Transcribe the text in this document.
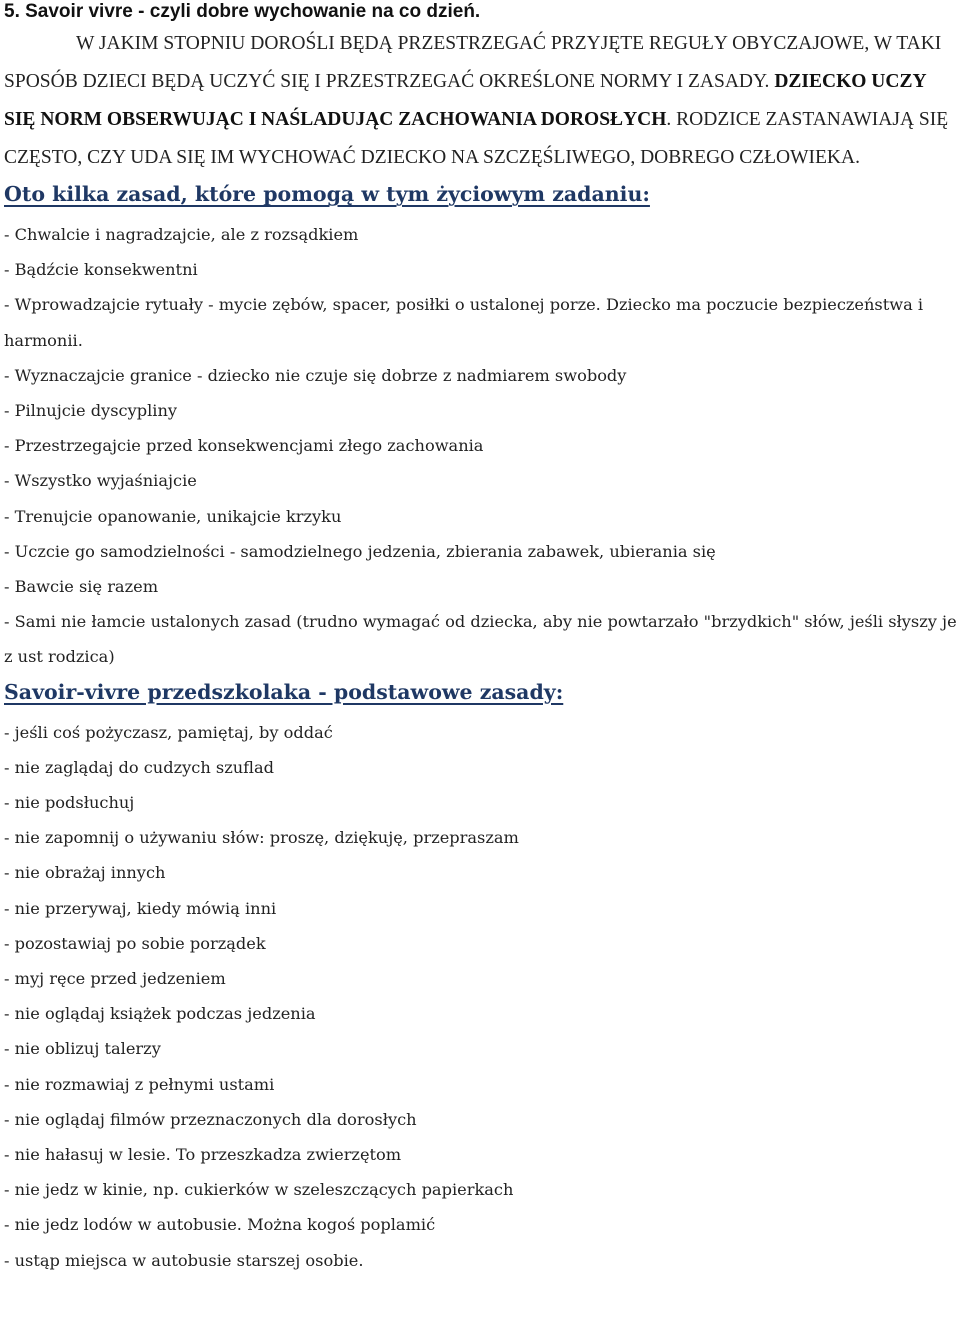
5. Savoir vivre - czyli dobre wychowanie na co dzień.

W JAKIM STOPNIU DOROŚLI BĘDĄ PRZESTRZEGAĆ PRZYJĘTE REGUŁY OBYCZAJOWE, W TAKI SPOSÓB DZIECI BĘDĄ UCZYĆ SIĘ I PRZESTRZEGAĆ OKREŚLONE NORMY I ZASADY. DZIECKO UCZY SIĘ NORM OBSERWUJĄC I NAŚLADUJĄC ZACHOWANIA DOROSŁYCH. RODZICE ZASTANAWIAJĄ SIĘ CZĘSTO, CZY UDA SIĘ IM WYCHOWAĆ DZIECKO NA SZCZĘŚLIWEGO, DOBREGO CZŁOWIEKA.

Oto kilka zasad, które pomogą w tym życiowym zadaniu:
- Chwalcie i nagradzajcie, ale z rozsądkiem
- Bądźcie konsekwentni
- Wprowadzajcie rytuały - mycie zębów, spacer, posiłki o ustalonej porze. Dziecko ma poczucie bezpieczeństwa i harmonii.
- Wyznaczajcie granice - dziecko nie czuje się dobrze z nadmiarem swobody
- Pilnujcie dyscypliny
- Przestrzegajcie przed konsekwencjami złego zachowania
- Wszystko wyjaśniajcie
- Trenujcie opanowanie, unikajcie krzyku
- Uczcie go samodzielności - samodzielnego jedzenia, zbierania zabawek, ubierania się
- Bawcie się razem
- Sami nie łamcie ustalonych zasad (trudno wymagać od dziecka, aby nie powtarzało "brzydkich" słów, jeśli słyszy je z ust rodzica)
Savoir-vivre przedszkolaka - podstawowe zasady:
- jeśli coś pożyczasz, pamiętaj, by oddać
- nie zaglądaj do cudzych szuflad
- nie podsłuchuj
- nie zapomnij o używaniu słów: proszę, dziękuję, przepraszam
- nie obrażaj innych
- nie przerywaj, kiedy mówią inni
- pozostawiaj po sobie porządek
- myj ręce przed jedzeniem
- nie oglądaj książek podczas jedzenia
- nie oblizuj talerzy
- nie rozmawiaj z pełnymi ustami
- nie oglądaj filmów przeznaczonych dla dorosłych
- nie hałasuj w lesie. To przeszkadza zwierzętom
- nie jedz w kinie, np. cukierków w szeleszczących papierkach
- nie jedz lodów w autobusie. Można kogoś poplamić
- ustąp miejsca w autobusie starszej osobie.
